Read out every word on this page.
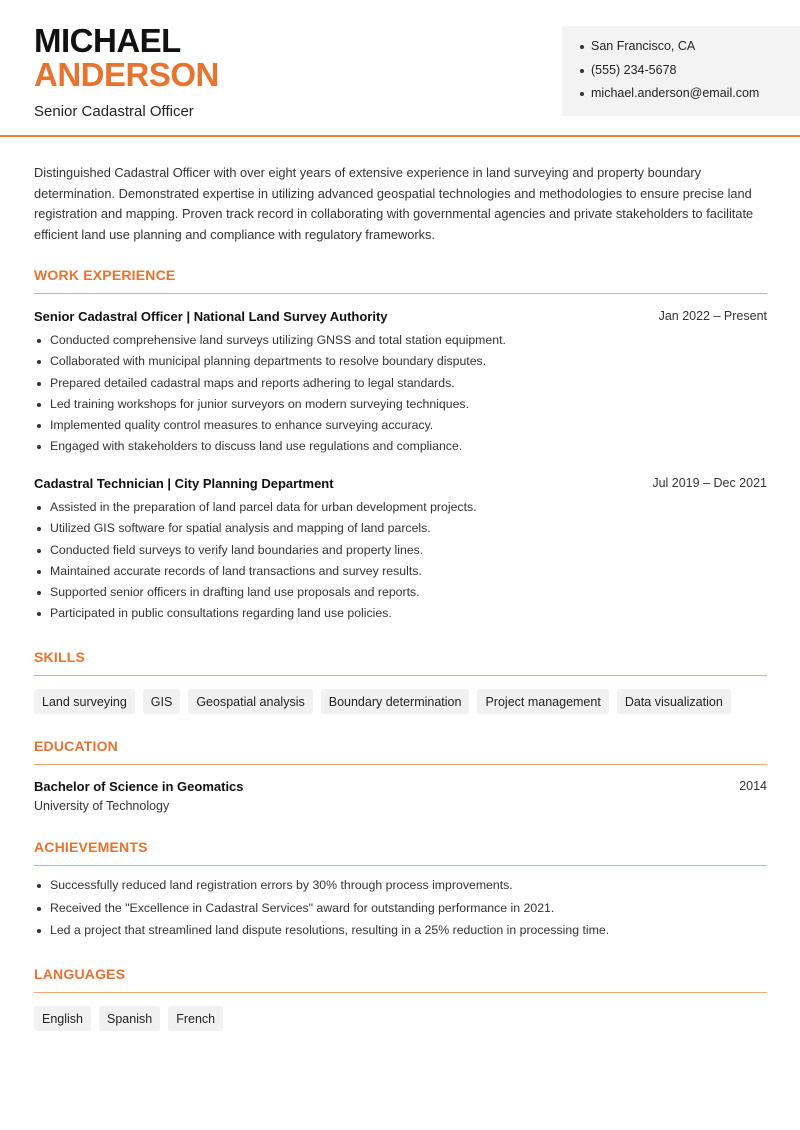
MICHAEL
ANDERSON
Senior Cadastral Officer
San Francisco, CA
(555) 234-5678
michael.anderson@email.com

Distinguished Cadastral Officer with over eight years of extensive experience in land surveying and property boundary determination. Demonstrated expertise in utilizing advanced geospatial technologies and methodologies to ensure precise land registration and mapping. Proven track record in collaborating with governmental agencies and private stakeholders to facilitate efficient land use planning and compliance with regulatory frameworks.

WORK EXPERIENCE
Senior Cadastral Officer | National Land Survey Authority	Jan 2022 – Present
Conducted comprehensive land surveys utilizing GNSS and total station equipment.
Collaborated with municipal planning departments to resolve boundary disputes.
Prepared detailed cadastral maps and reports adhering to legal standards.
Led training workshops for junior surveyors on modern surveying techniques.
Implemented quality control measures to enhance surveying accuracy.
Engaged with stakeholders to discuss land use regulations and compliance.
Cadastral Technician | City Planning Department	Jul 2019 – Dec 2021
Assisted in the preparation of land parcel data for urban development projects.
Utilized GIS software for spatial analysis and mapping of land parcels.
Conducted field surveys to verify land boundaries and property lines.
Maintained accurate records of land transactions and survey results.
Supported senior officers in drafting land use proposals and reports.
Participated in public consultations regarding land use policies.
SKILLS
Land surveying	GIS	Geospatial analysis	Boundary determination	Project management	Data visualization
EDUCATION
Bachelor of Science in Geomatics	2014
University of Technology
ACHIEVEMENTS
Successfully reduced land registration errors by 30% through process improvements.
Received the "Excellence in Cadastral Services" award for outstanding performance in 2021.
Led a project that streamlined land dispute resolutions, resulting in a 25% reduction in processing time.
LANGUAGES
English	Spanish	French
